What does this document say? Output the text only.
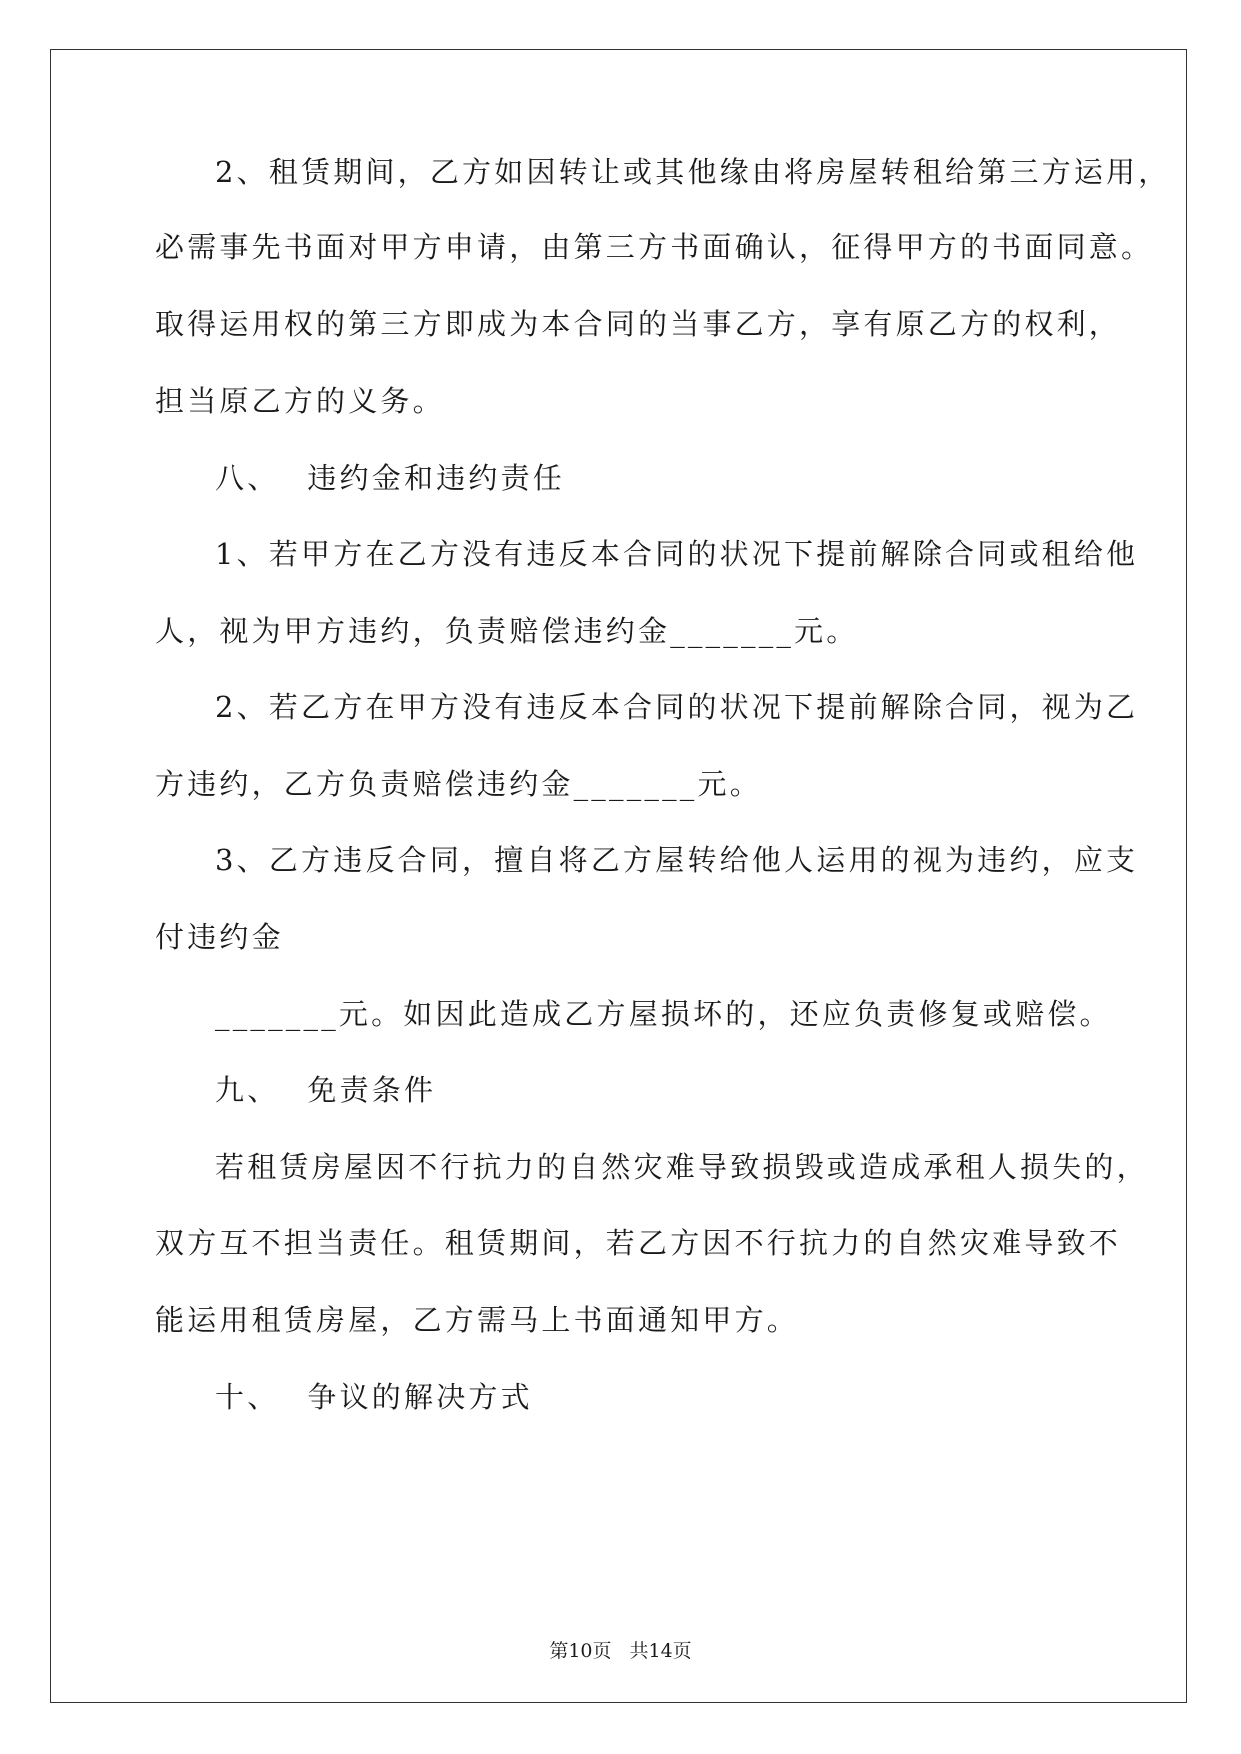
2、租赁期间，乙方如因转让或其他缘由将房屋转租给第三方运用，
必需事先书面对甲方申请，由第三方书面确认，征得甲方的书面同意。
取得运用权的第三方即成为本合同的当事乙方，享有原乙方的权利，
担当原乙方的义务。
八、 违约金和违约责任
1、若甲方在乙方没有违反本合同的状况下提前解除合同或租给他
人，视为甲方违约，负责赔偿违约金_______元。
2、若乙方在甲方没有违反本合同的状况下提前解除合同，视为乙
方违约，乙方负责赔偿违约金_______元。
3、乙方违反合同，擅自将乙方屋转给他人运用的视为违约，应支
付违约金
_______元。如因此造成乙方屋损坏的，还应负责修复或赔偿。
九、 免责条件
若租赁房屋因不行抗力的自然灾难导致损毁或造成承租人损失的，
双方互不担当责任。租赁期间，若乙方因不行抗力的自然灾难导致不
能运用租赁房屋，乙方需马上书面通知甲方。
十、 争议的解决方式
第10页 共14页
